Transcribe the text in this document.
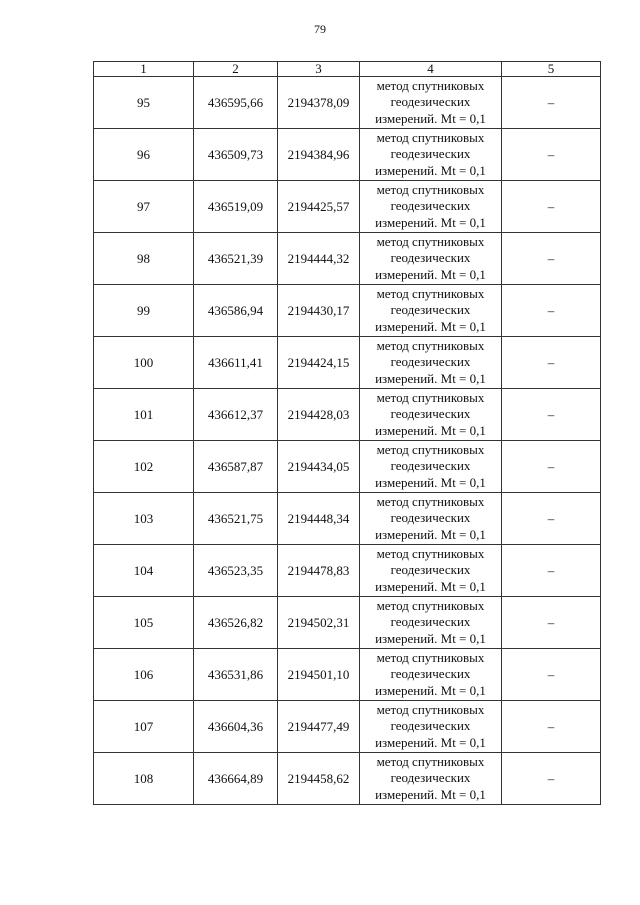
79
1	2	3	4	5
95	436595,66	2194378,09	метод спутниковых
геодезических
измерений. Mt = 0,1	–
96	436509,73	2194384,96	метод спутниковых
геодезических
измерений. Mt = 0,1	–
97	436519,09	2194425,57	метод спутниковых
геодезических
измерений. Mt = 0,1	–
98	436521,39	2194444,32	метод спутниковых
геодезических
измерений. Mt = 0,1	–
99	436586,94	2194430,17	метод спутниковых
геодезических
измерений. Mt = 0,1	–
100	436611,41	2194424,15	метод спутниковых
геодезических
измерений. Mt = 0,1	–
101	436612,37	2194428,03	метод спутниковых
геодезических
измерений. Mt = 0,1	–
102	436587,87	2194434,05	метод спутниковых
геодезических
измерений. Mt = 0,1	–
103	436521,75	2194448,34	метод спутниковых
геодезических
измерений. Mt = 0,1	–
104	436523,35	2194478,83	метод спутниковых
геодезических
измерений. Mt = 0,1	–
105	436526,82	2194502,31	метод спутниковых
геодезических
измерений. Mt = 0,1	–
106	436531,86	2194501,10	метод спутниковых
геодезических
измерений. Mt = 0,1	–
107	436604,36	2194477,49	метод спутниковых
геодезических
измерений. Mt = 0,1	–
108	436664,89	2194458,62	метод спутниковых
геодезических
измерений. Mt = 0,1	–
